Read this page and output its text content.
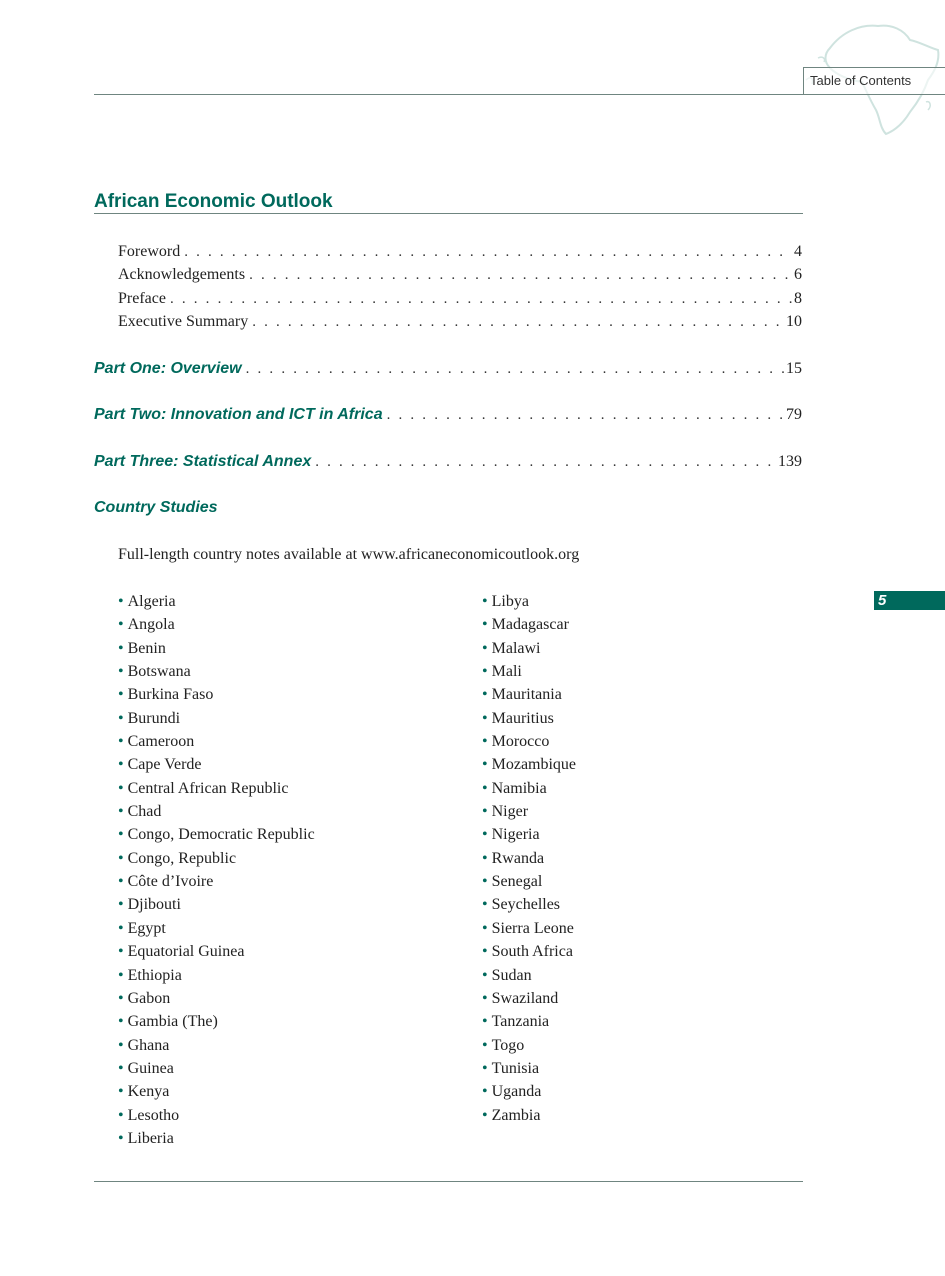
Table of Contents
African Economic Outlook
Foreword . . .	4
Acknowledgements . . .	6
Preface . . .	8
Executive Summary . . .	10
Part One: Overview . . .	15
Part Two: Innovation and ICT in Africa . . .	79
Part Three: Statistical Annex . . .	139
Country Studies
Full-length country notes available at www.africaneconomicoutlook.org
• Algeria
• Angola
• Benin
• Botswana
• Burkina Faso
• Burundi
• Cameroon
• Cape Verde
• Central African Republic
• Chad
• Congo, Democratic Republic
• Congo, Republic
• Côte d’Ivoire
• Djibouti
• Egypt
• Equatorial Guinea
• Ethiopia
• Gabon
• Gambia (The)
• Ghana
• Guinea
• Kenya
• Lesotho
• Liberia
• Libya
• Madagascar
• Malawi
• Mali
• Mauritania
• Mauritius
• Morocco
• Mozambique
• Namibia
• Niger
• Nigeria
• Rwanda
• Senegal
• Seychelles
• Sierra Leone
• South Africa
• Sudan
• Swaziland
• Tanzania
• Togo
• Tunisia
• Uganda
• Zambia
5
